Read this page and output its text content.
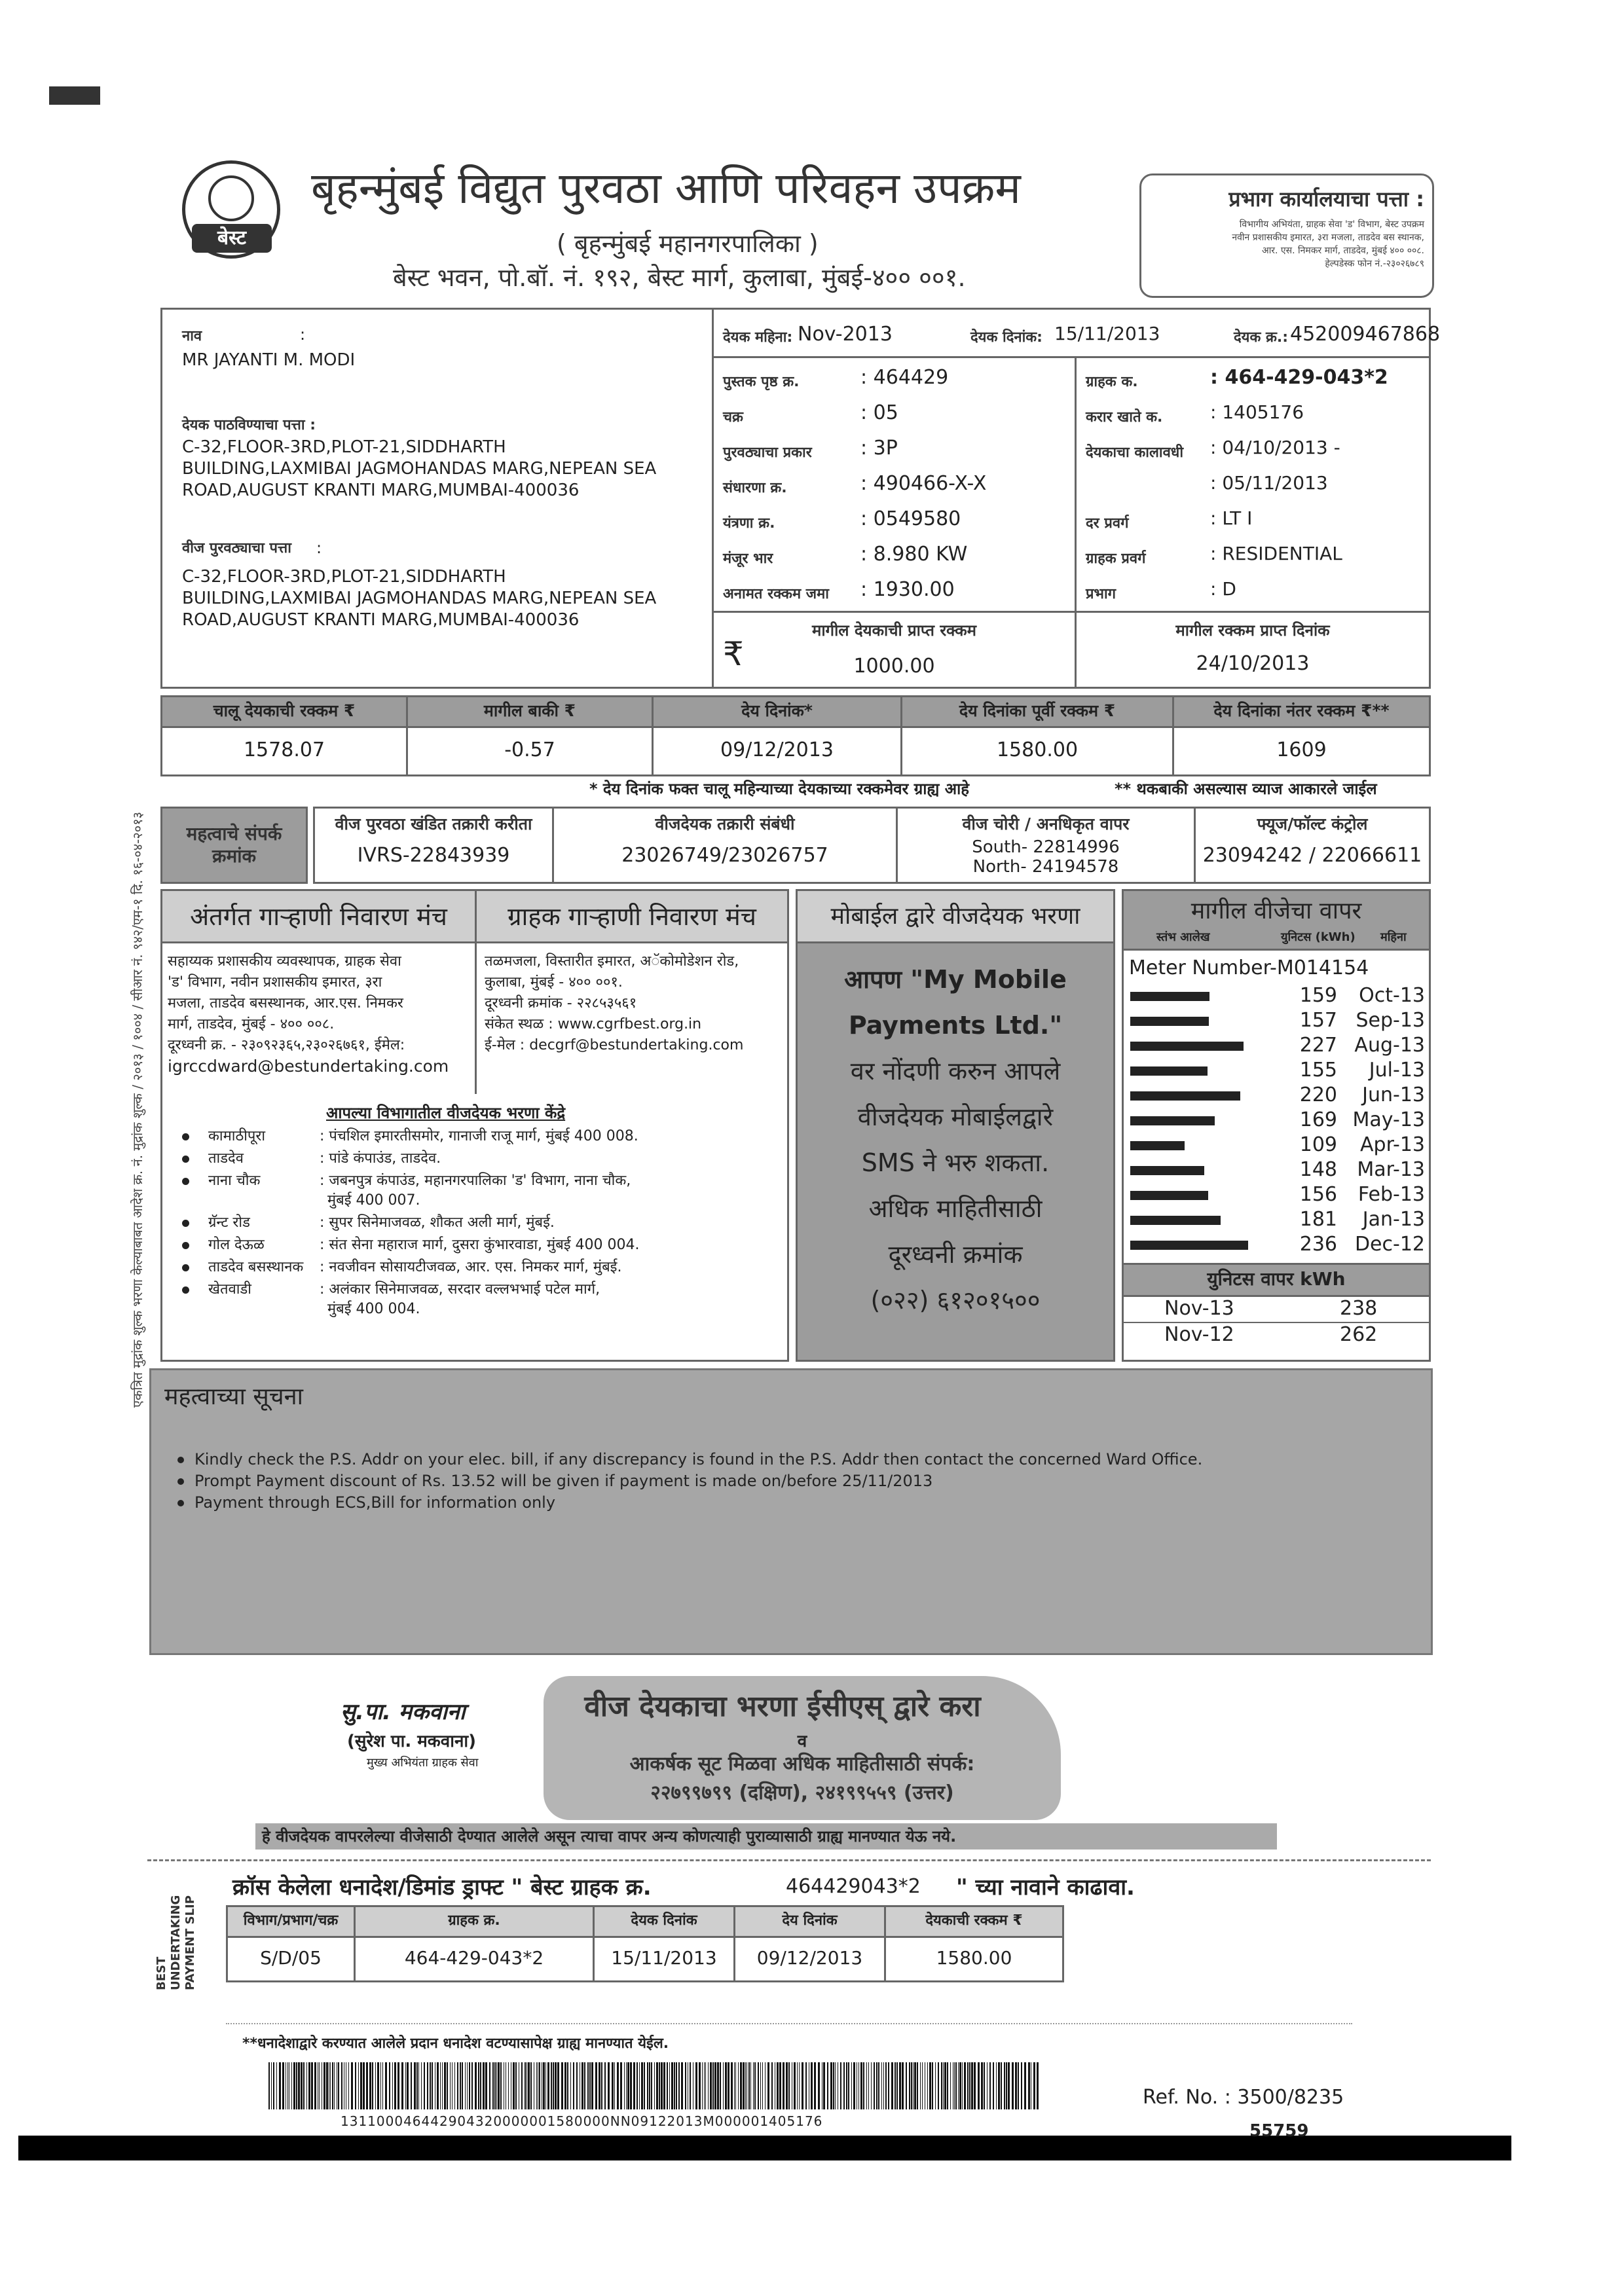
बेस्ट
बृहन्मुंबई विद्युत पुरवठा आणि परिवहन उपक्रम
( बृहन्मुंबई महानगरपालिका )
बेस्ट भवन, पो.बॉ. नं. १९२, बेस्ट मार्ग, कुलाबा, मुंबई-४०० ००१.
प्रभाग कार्यालयाचा पत्ता :
विभागीय अभियंता, ग्राहक सेवा 'ड' विभाग, बेस्ट उपक्रम
नवीन प्रशासकीय इमारत, ३रा मजला, ताडदेव बस स्थानक,
आर. एस. निमकर मार्ग, ताडदेव, मुंबई ४०० ००८.
हेल्पडेस्क फोन नं.-२३०२६७८९
नाव	:
MR JAYANTI M. MODI
देयक पाठविण्याचा पत्ता :
C-32,FLOOR-3RD,PLOT-21,SIDDHARTH
BUILDING,LAXMIBAI JAGMOHANDAS MARG,NEPEAN SEA
ROAD,AUGUST KRANTI MARG,MUMBAI-400036
वीज पुरवठ्याचा पत्ता :
C-32,FLOOR-3RD,PLOT-21,SIDDHARTH
BUILDING,LAXMIBAI JAGMOHANDAS MARG,NEPEAN SEA
ROAD,AUGUST KRANTI MARG,MUMBAI-400036
देयक महिना: Nov-2013	देयक दिनांक: 15/11/2013	देयक क्र.: 452009467868
पुस्तक पृष्ठ क्र.	: 464429
चक्र	: 05
पुरवठ्याचा प्रकार : 3P
संधारणा क्र.	: 490466-X-X
यंत्रणा क्र.	: 0549580
मंजूर भार	: 8.980 KW
अनामत रक्कम जमा : 1930.00
ग्राहक क.	: 464-429-043*2
करार खाते क.	: 1405176
देयकाचा कालावधी : 04/10/2013 -
: 05/11/2013
दर प्रवर्ग	: LT I
ग्राहक प्रवर्ग	: RESIDENTIAL
प्रभाग	: D
मागील देयकाची प्राप्त रक्कम
₹	1000.00
मागील रक्कम प्राप्त दिनांक
24/10/2013
चालू देयकाची रक्कम ₹	मागील बाकी ₹	देय दिनांक*	देय दिनांका पूर्वी रक्कम ₹	देय दिनांका नंतर रक्कम ₹**
1578.07	-0.57	09/12/2013	1580.00	1609
* देय दिनांक फक्त चालू महिन्याच्या देयकाच्या रक्कमेवर ग्राह्य आहे	** थकबाकी असल्यास व्याज आकारले जाईल
महत्वाचे संपर्क क्रमांक
वीज पुरवठा खंडित तक्रारी करीता
IVRS-22843939
वीजदेयक तक्रारी संबंधी
23026749/23026757
वीज चोरी / अनधिकृत वापर
South- 22814996
North- 24194578
फ्यूज/फॉल्ट कंट्रोल
23094242 / 22066611
अंतर्गत गाऱ्हाणी निवारण मंच	ग्राहक गाऱ्हाणी निवारण मंच
सहाय्यक प्रशासकीय व्यवस्थापक, ग्राहक सेवा
'ड' विभाग, नवीन प्रशासकीय इमारत, ३रा
मजला, ताडदेव बसस्थानक, आर.एस. निमकर
मार्ग, ताडदेव, मुंबई - ४०० ००८.
दूरध्वनी क्र. - २३०९२३६५,२३०२६७६१, ईमेल:
igrccdward@bestundertaking.com
तळमजला, विस्तारीत इमारत, अॅकोमोडेशन रोड,
कुलाबा, मुंबई - ४०० ००१.
दूरध्वनी क्रमांक - २२८५३५६१
संकेत स्थळ : www.cgrfbest.org.in
ई-मेल : decgrf@bestundertaking.com
आपल्या विभागातील वीजदेयक भरणा केंद्रे
कामाठीपूरा	: पंचशिल इमारतीसमोर, गानाजी राजू मार्ग, मुंबई 400 008.
ताडदेव	: पांडे कंपाउंड, ताडदेव.
नाना चौक	: जबनपुत्र कंपाउंड, महानगरपालिका 'ड' विभाग, नाना चौक,
मुंबई 400 007.
ग्रॅन्ट रोड	: सुपर सिनेमाजवळ, शौकत अली मार्ग, मुंबई.
गोल देऊळ	: संत सेना महाराज मार्ग, दुसरा कुंभारवाडा, मुंबई 400 004.
ताडदेव बसस्थानक : नवजीवन सोसायटीजवळ, आर. एस. निमकर मार्ग, मुंबई.
खेतवाडी	: अलंकार सिनेमाजवळ, सरदार वल्लभभाई पटेल मार्ग,
मुंबई 400 004.
मोबाईल द्वारे वीजदेयक भरणा
आपण "My Mobile
Payments Ltd."
वर नोंदणी करुन आपले
वीजदेयक मोबाईलद्वारे
SMS ने भरु शकता.
अधिक माहितीसाठी
दूरध्वनी क्रमांक
(०२२) ६१२०१५००
मागील वीजेचा वापर
स्तंभ आलेख	युनिटस (kWh) महिना
Meter Number-M014154
159 Oct-13
157 Sep-13
227 Aug-13
155 Jul-13
220 Jun-13
169 May-13
109 Apr-13
148 Mar-13
156 Feb-13
181 Jan-13
236 Dec-12
युनिटस वापर kWh
Nov-13	238
Nov-12	262
महत्वाच्या सूचना
Kindly check the P.S. Addr on your elec. bill, if any discrepancy is found in the P.S. Addr then contact the concerned Ward Office.
Prompt Payment discount of Rs. 13.52 will be given if payment is made on/before 25/11/2013
Payment through ECS,Bill for information only
सु.पा. मकवाना
(सुरेश पा. मकवाना)
मुख्य अभियंता ग्राहक सेवा
वीज देयकाचा भरणा ईसीएस् द्वारे करा
व
आकर्षक सूट मिळवा अधिक माहितीसाठी संपर्क:
२२७९९७९९ (दक्षिण), २४१९९५५९ (उत्तर)
हे वीजदेयक वापरलेल्या वीजेसाठी देण्यात आलेले असून त्याचा वापर अन्य कोणत्याही पुराव्यासाठी ग्राह्य मानण्यात येऊ नये.
BEST UNDERTAKING PAYMENT SLIP
क्रॉस केलेला धनादेश/डिमांड ड्राफ्ट " बेस्ट ग्राहक क्र.	464429043*2 " च्या नावाने काढावा.
विभाग/प्रभाग/चक्र	ग्राहक क्र.	देयक दिनांक	देय दिनांक	देयकाची रक्कम ₹
S/D/05	464-429-043*2	15/11/2013	09/12/2013	1580.00
**धनादेशाद्वारे करण्यात आलेले प्रदान धनादेश वटण्यासापेक्ष ग्राह्य मानण्यात येईल.
131100046442904320000001580000NN09122013M000001405176
Ref. No. : 3500/8235
55759
एकत्रित मुद्रांक शुल्क भरणा केल्याबाबत आदेश क्र. नं. मुद्रांक शुल्क / २०१३ / १००४ / सीआर नं. ९४२/एम-१ दि. १६-०४-२०१३
